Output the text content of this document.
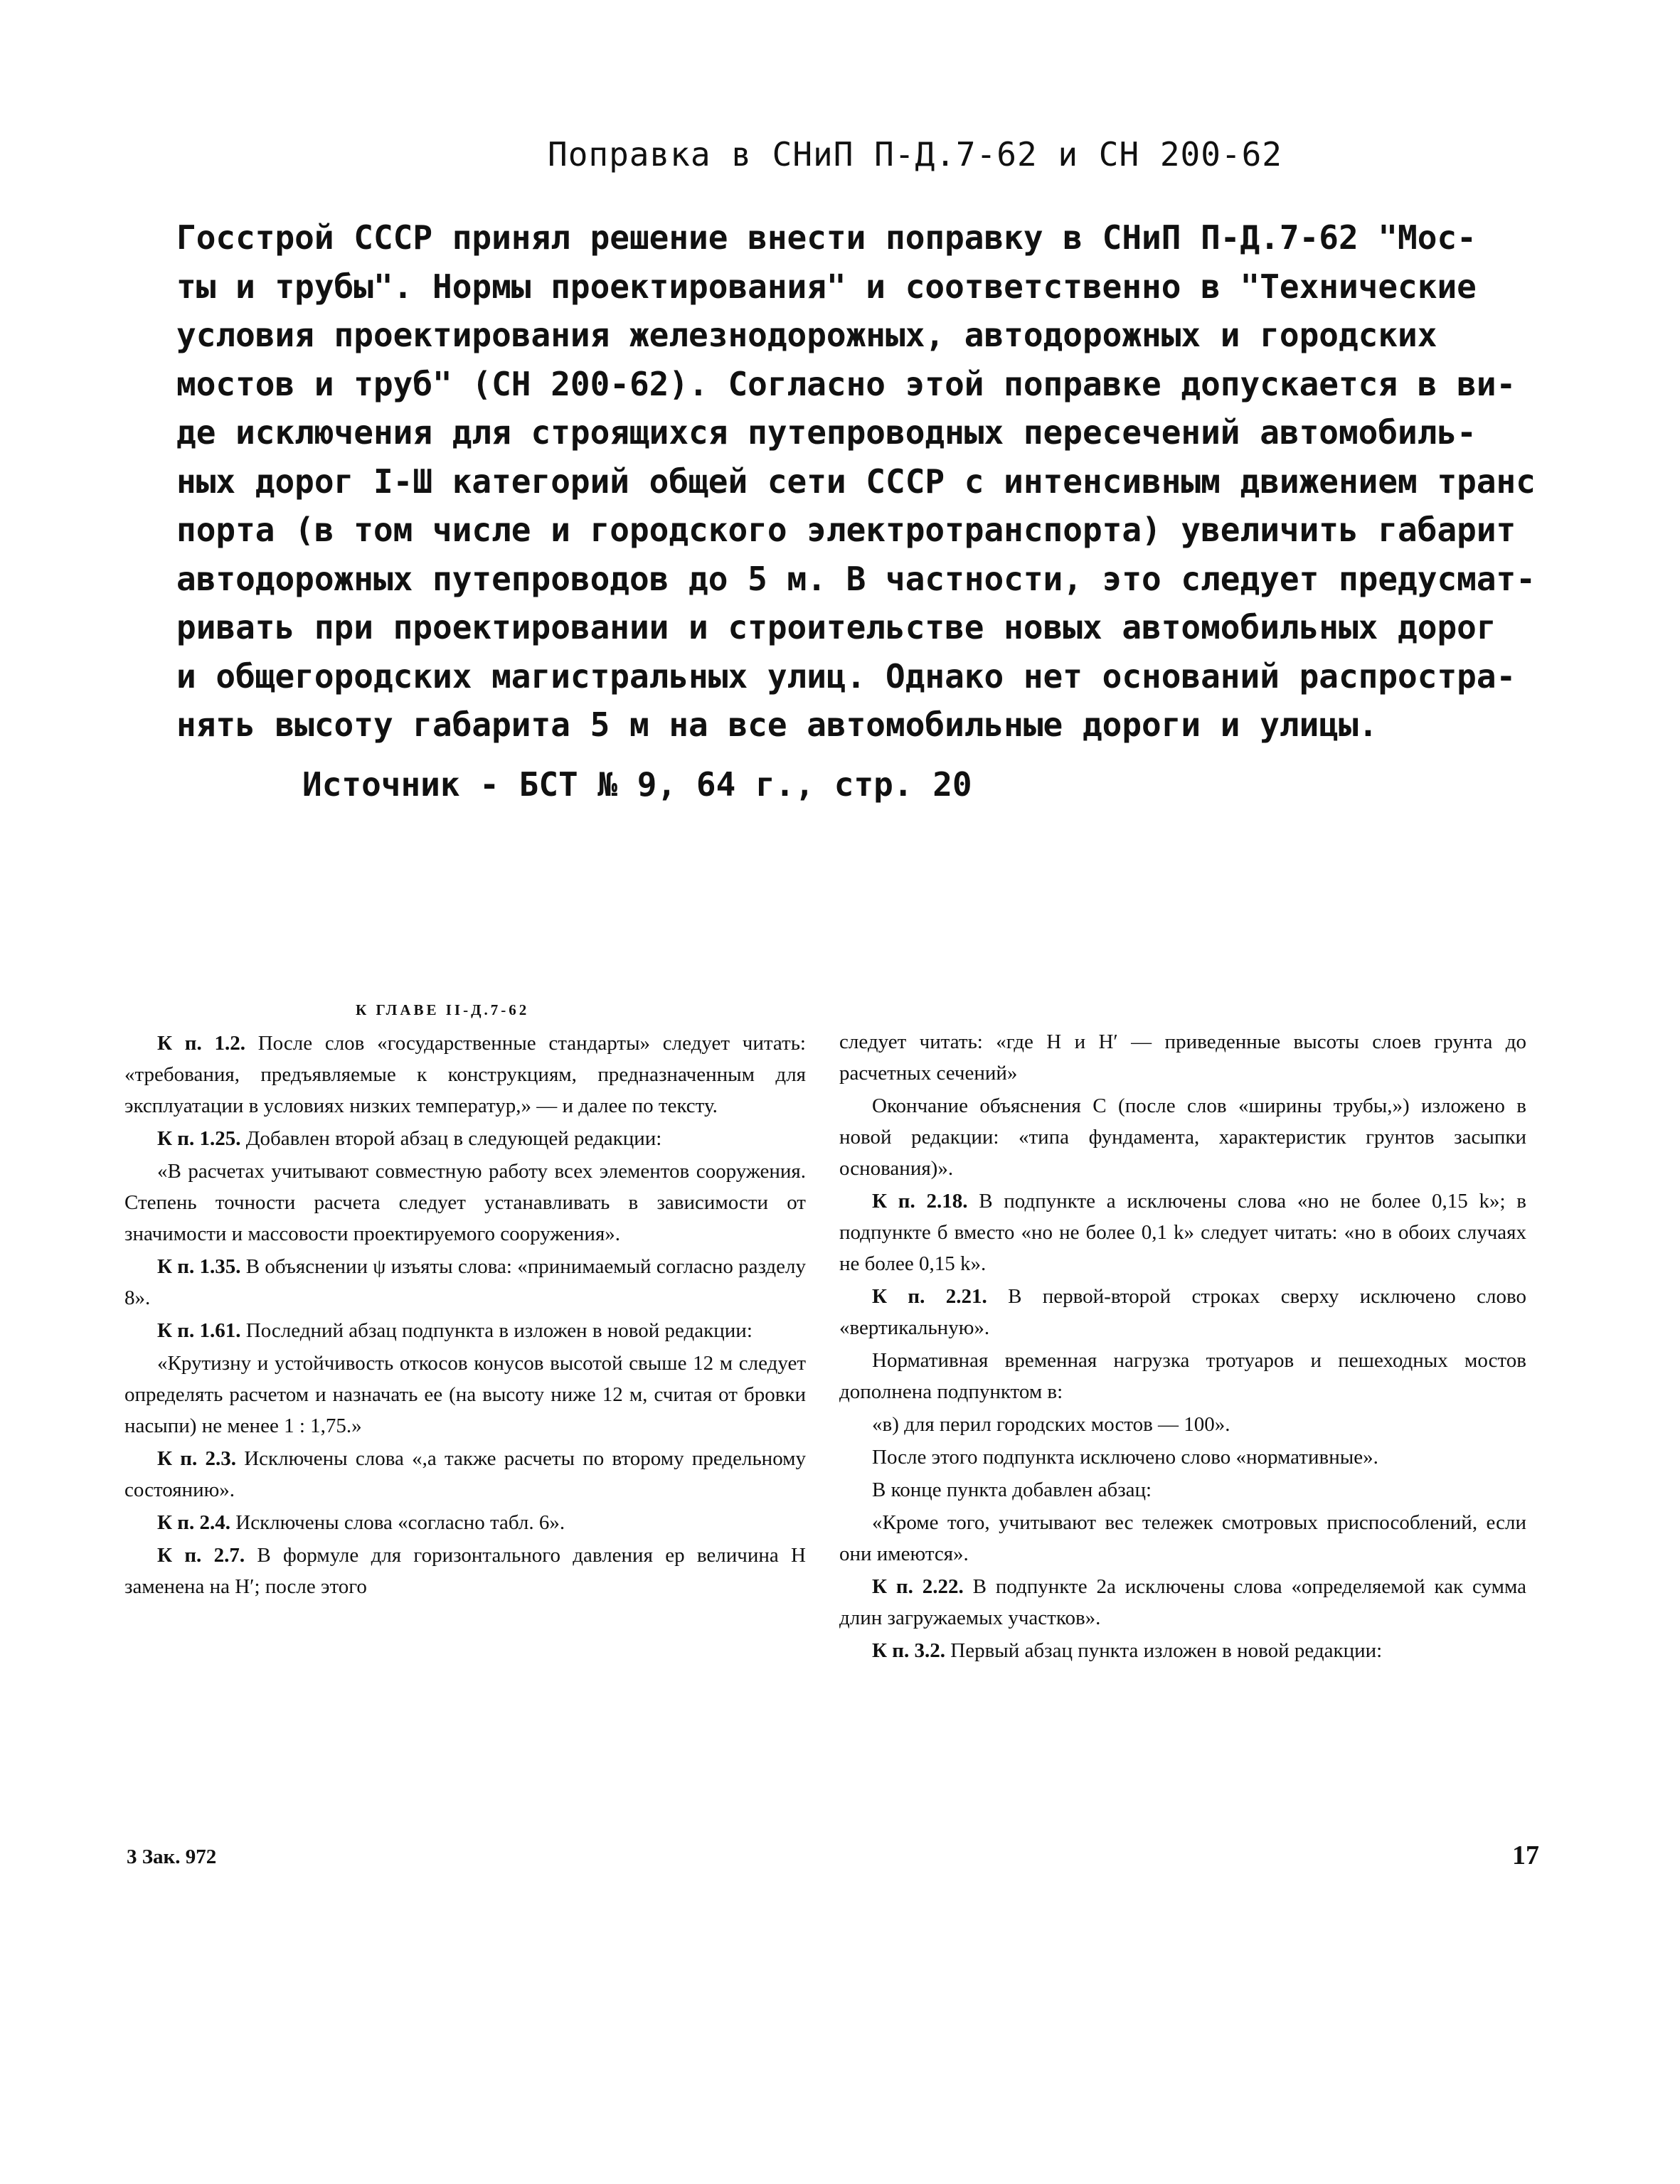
Поправка в СНиП П-Д.7-62 и СН 200-62
Госстрой СССР принял решение внести поправку в СНиП П-Д.7-62 "Мос-
ты и трубы". Нормы проектирования" и соответственно в "Технические
условия проектирования железнодорожных, автодорожных и городских
мостов и труб" (СН 200-62). Согласно этой поправке допускается в ви-
де исключения для строящихся путепроводных пересечений автомобиль-
ных дорог I-Ш категорий общей сети СССР с интенсивным движением транс
порта (в том числе и городского электротранспорта) увеличить габарит
автодорожных путепроводов до 5 м. В частности, это следует предусмат-
ривать при проектировании и строительстве новых автомобильных дорог
и общегородских магистральных улиц. Однако нет оснований распростра-
нять высоту габарита 5 м на все автомобильные дороги и улицы.
Источник - БСТ № 9, 64 г., стр. 20
К ГЛАВЕ II-Д.7-62

К п. 1.2. После слов «государственные стандарты» следует читать: «требования, предъявляемые к конструкциям, предназначенным для эксплуатации в условиях низких температур,» — и далее по тексту.

К п. 1.25. Добавлен второй абзац в следующей редакции:

«В расчетах учитывают совместную работу всех элементов сооружения. Степень точности расчета следует устанавливать в зависимости от значимости и массовости проектируемого сооружения».

К п. 1.35. В объяснении ψ изъяты слова: «принимаемый согласно разделу 8».

К п. 1.61. Последний абзац подпункта в изложен в новой редакции:

«Крутизну и устойчивость откосов конусов высотой свыше 12 м следует определять расчетом и назначать ее (на высоту ниже 12 м, считая от бровки насыпи) не менее 1 : 1,75.»

К п. 2.3. Исключены слова «,а также расчеты по второму предельному состоянию».

К п. 2.4. Исключены слова «согласно табл. 6».

К п. 2.7. В формуле для горизонтального давления eр величина H заменена на H′; после этого

следует читать: «где H и H′ — приведенные высоты слоев грунта до расчетных сечений»

Окончание объяснения C (после слов «ширины трубы,») изложено в новой редакции: «типа фундамента, характеристик грунтов засыпки основания)».

К п. 2.18. В подпункте а исключены слова «но не более 0,15 k»; в подпункте б вместо «но не более 0,1 k» следует читать: «но в обоих случаях не более 0,15 k».

К п. 2.21. В первой-второй строках сверху исключено слово «вертикальную».

Нормативная временная нагрузка тротуаров и пешеходных мостов дополнена подпунктом в:

«в) для перил городских мостов — 100».

После этого подпункта исключено слово «нормативные».

В конце пункта добавлен абзац:

«Кроме того, учитывают вес тележек смотровых приспособлений, если они имеются».

К п. 2.22. В подпункте 2а исключены слова «определяемой как сумма длин загружаемых участков».

К п. 3.2. Первый абзац пункта изложен в новой редакции:

3 Зак. 972	17
